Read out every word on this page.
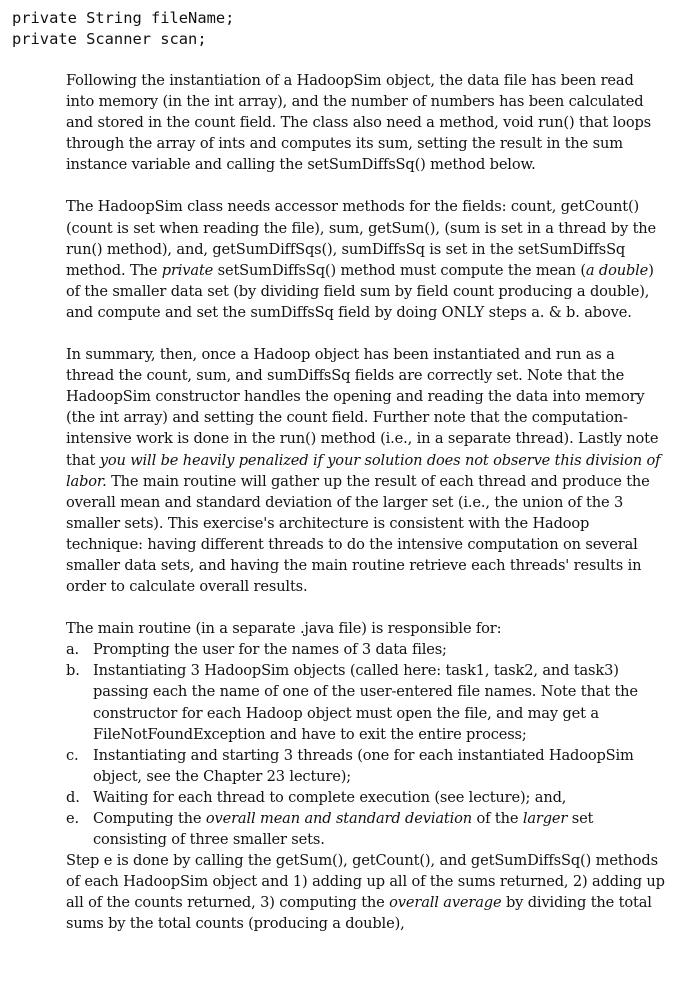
private String fileName;
private Scanner scan;

Following the instantiation of a HadoopSim object, the data file has been read into memory (in the int array), and the number of numbers has been calculated and stored in the count field. The class also need a method, void run() that loops through the array of ints and computes its sum, setting the result in the sum instance variable and calling the setSumDiffsSq() method below.

The HadoopSim class needs accessor methods for the fields: count, getCount() (count is set when reading the file), sum, getSum(), (sum is set in a thread by the run() method), and, getSumDiffSqs(), sumDiffsSq is set in the setSumDiffsSq method. The private setSumDiffsSq() method must compute the mean (a double) of the smaller data set (by dividing field sum by field count producing a double), and compute and set the sumDiffsSq field by doing ONLY steps a. & b. above.

In summary, then, once a Hadoop object has been instantiated and run as a thread the count, sum, and sumDiffsSq fields are correctly set. Note that the HadoopSim constructor handles the opening and reading the data into memory (the int array) and setting the count field. Further note that the computation-intensive work is done in the run() method (i.e., in a separate thread). Lastly note that you will be heavily penalized if your solution does not observe this division of labor. The main routine will gather up the result of each thread and produce the overall mean and standard deviation of the larger set (i.e., the union of the 3 smaller sets). This exercise's architecture is consistent with the Hadoop technique: having different threads to do the intensive computation on several smaller data sets, and having the main routine retrieve each threads' results in order to calculate overall results.

The main routine (in a separate .java file) is responsible for:
a. Prompting the user for the names of 3 data files;
b. Instantiating 3 HadoopSim objects (called here: task1, task2, and task3) passing each the name of one of the user-entered file names. Note that the constructor for each Hadoop object must open the file, and may get a FileNotFoundException and have to exit the entire process;
c. Instantiating and starting 3 threads (one for each instantiated HadoopSim object, see the Chapter 23 lecture);
d. Waiting for each thread to complete execution (see lecture); and,
e. Computing the overall mean and standard deviation of the larger set consisting of three smaller sets.

Step e is done by calling the getSum(), getCount(), and getSumDiffsSq() methods of each HadoopSim object and 1) adding up all of the sums returned, 2) adding up all of the counts returned, 3) computing the overall average by dividing the total sums by the total counts (producing a double),
